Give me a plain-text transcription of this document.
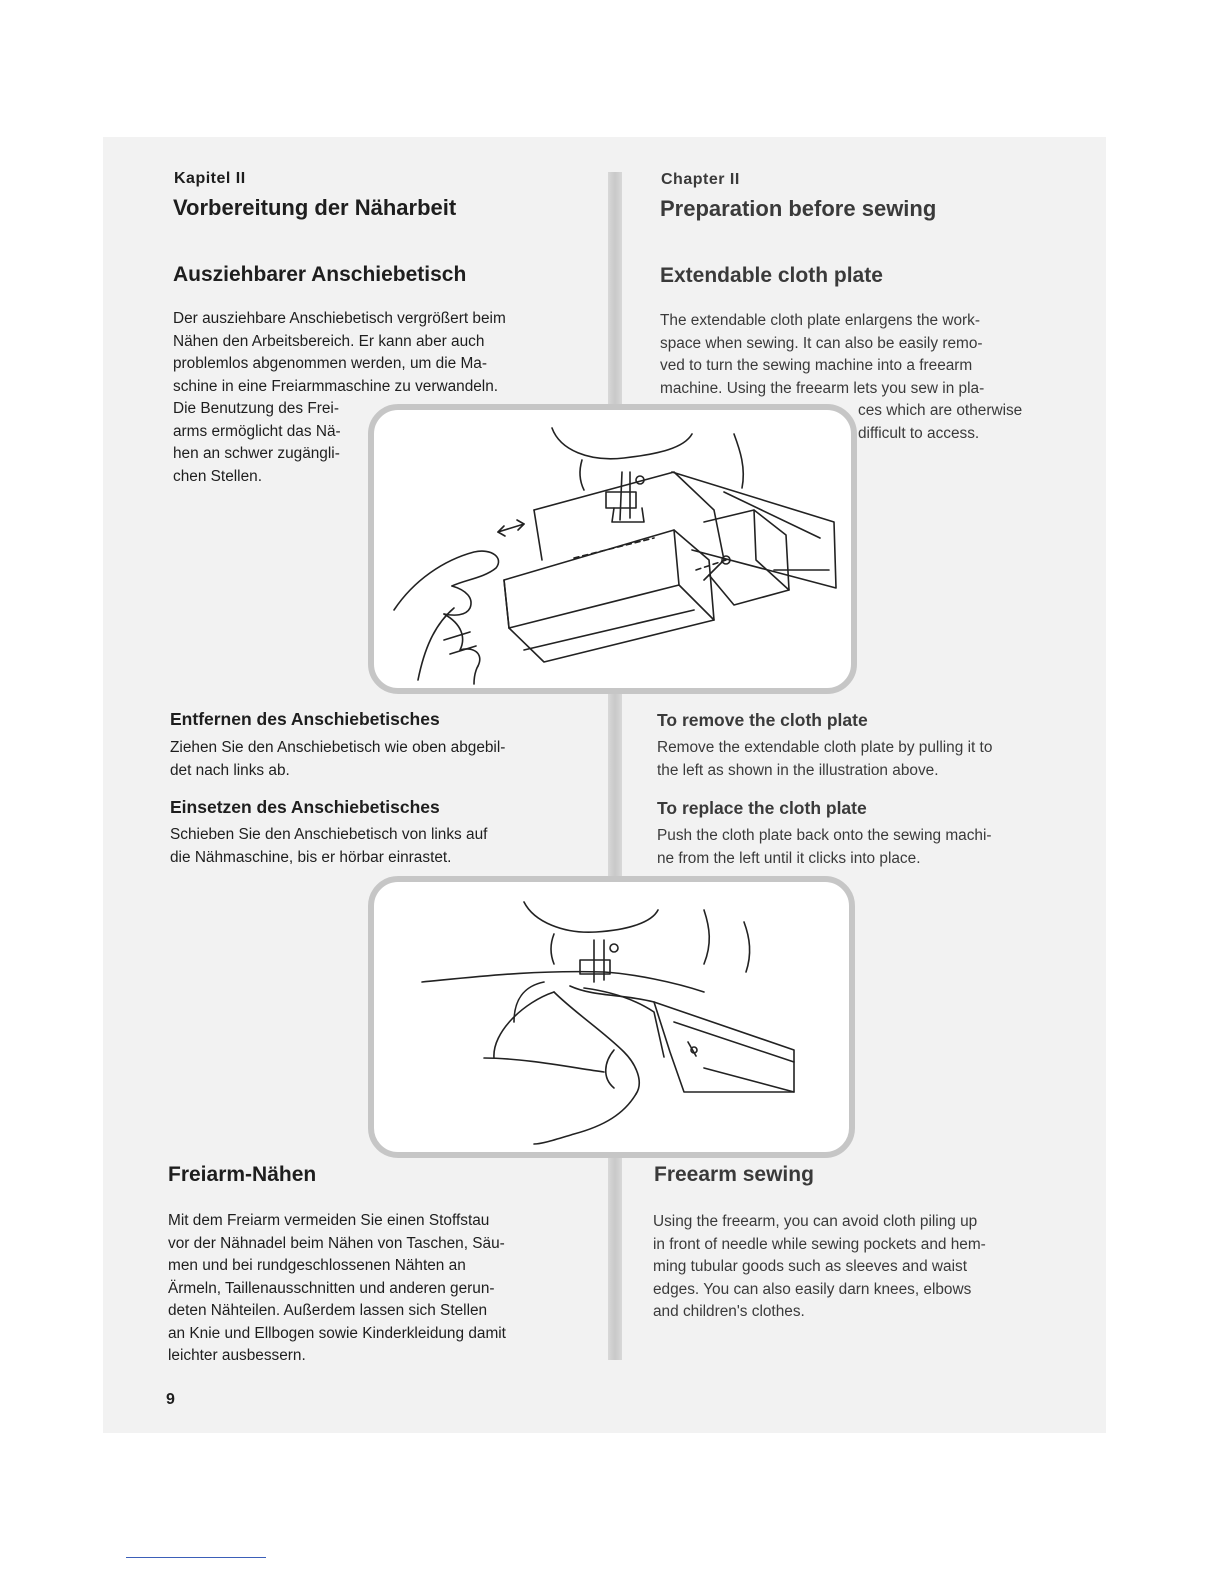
Kapitel II

Vorbereitung der Näharbeit

Ausziehbarer Anschiebetisch

Der ausziehbare Anschiebetisch vergrößert beim

Nähen den Arbeitsbereich. Er kann aber auch

problemlos abgenommen werden, um die Ma-

schine in eine Freiarmmaschine zu verwandeln.

Die Benutzung des Frei-

arms ermöglicht das Nä-

hen an schwer zugängli-

chen Stellen.

Entfernen des Anschiebetisches

Ziehen Sie den Anschiebetisch wie oben abgebil-

det nach links ab.

Einsetzen des Anschiebetisches

Schieben Sie den Anschiebetisch von links auf

die Nähmaschine, bis er hörbar einrastet.

Freiarm-Nähen

Mit dem Freiarm vermeiden Sie einen Stoffstau

vor der Nähnadel beim Nähen von Taschen, Säu-

men und bei rundgeschlossenen Nähten an

Ärmeln, Taillenausschnitten und anderen gerun-

deten Nähteilen. Außerdem lassen sich Stellen

an Knie und Ellbogen sowie Kinderkleidung damit

leichter ausbessern.

9

Chapter II

Preparation before sewing

Extendable cloth plate

The extendable cloth plate enlargens the work-

space when sewing. It can also be easily remo-

ved to turn the sewing machine into a freearm

machine. Using the freearm lets you sew in pla-

ces which are otherwise

difficult to access.

To remove the cloth plate

Remove the extendable cloth plate by pulling it to

the left as shown in the illustration above.

To replace the cloth plate

Push the cloth plate back onto the sewing machi-

ne from the left until it clicks into place.

Freearm sewing

Using the freearm, you can avoid cloth piling up

in front of needle while sewing pockets and hem-

ming tubular goods such as sleeves and waist

edges. You can also easily darn knees, elbows

and children's clothes.
